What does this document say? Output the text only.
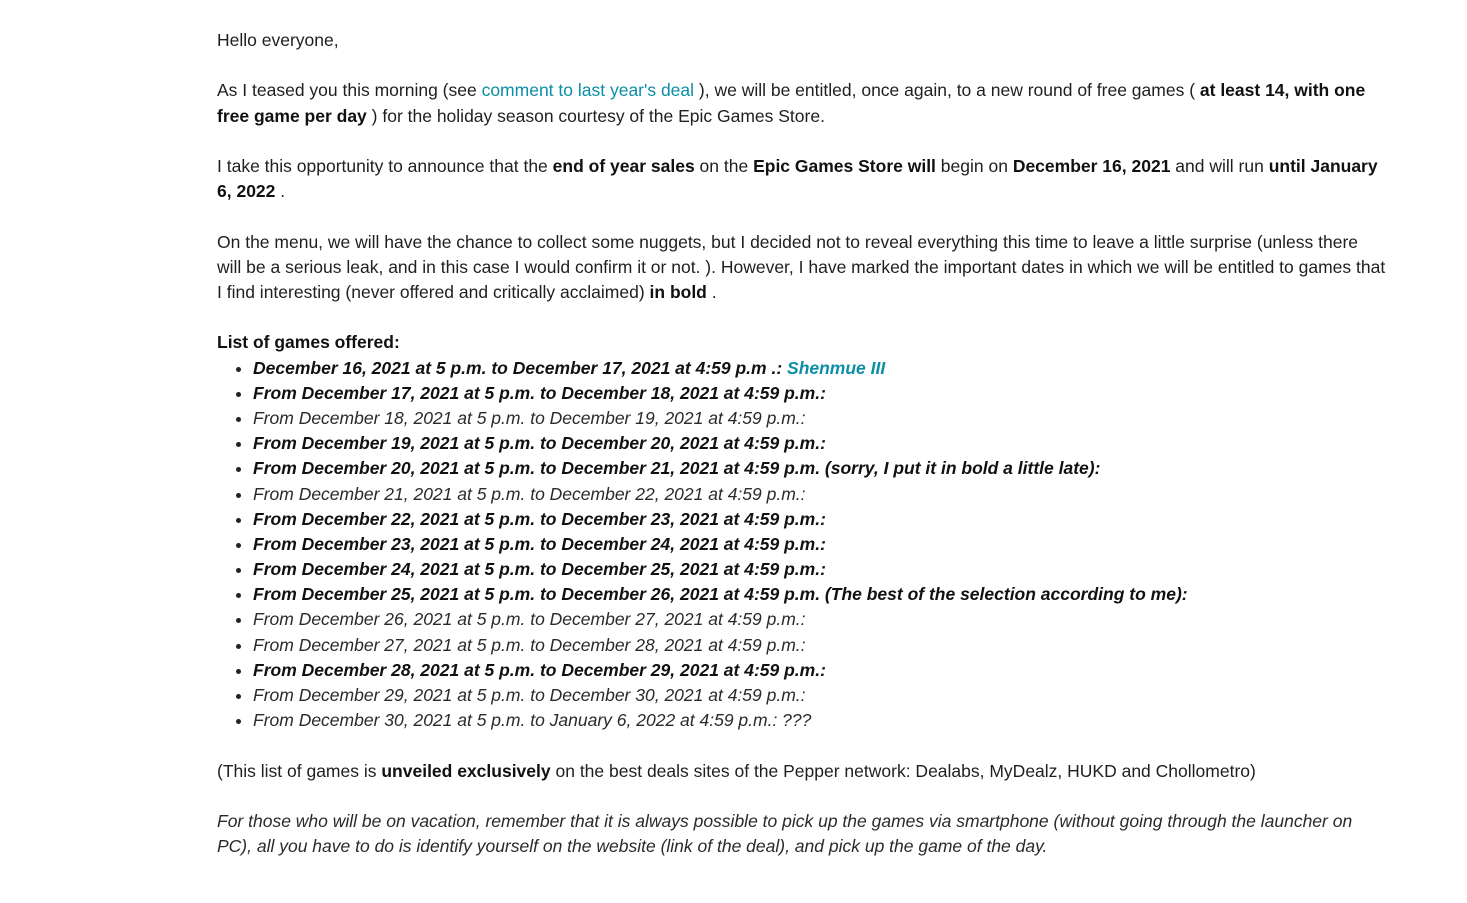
Hello everyone,

As I teased you this morning (see comment to last year's deal ), we will be entitled, once again, to a new round of free games ( at least 14, with one free game per day ) for the holiday season courtesy of the Epic Games Store.

I take this opportunity to announce that the end of year sales on the Epic Games Store will begin on December 16, 2021 and will run until January 6, 2022 .

On the menu, we will have the chance to collect some nuggets, but I decided not to reveal everything this time to leave a little surprise (unless there will be a serious leak, and in this case I would confirm it or not. ). However, I have marked the important dates in which we will be entitled to games that I find interesting (never offered and critically acclaimed) in bold .

List of games offered:
December 16, 2021 at 5 p.m. to December 17, 2021 at 4:59 p.m .: Shenmue III
From December 17, 2021 at 5 p.m. to December 18, 2021 at 4:59 p.m.:
From December 18, 2021 at 5 p.m. to December 19, 2021 at 4:59 p.m.:
From December 19, 2021 at 5 p.m. to December 20, 2021 at 4:59 p.m.:
From December 20, 2021 at 5 p.m. to December 21, 2021 at 4:59 p.m. (sorry, I put it in bold a little late):
From December 21, 2021 at 5 p.m. to December 22, 2021 at 4:59 p.m.:
From December 22, 2021 at 5 p.m. to December 23, 2021 at 4:59 p.m.:
From December 23, 2021 at 5 p.m. to December 24, 2021 at 4:59 p.m.:
From December 24, 2021 at 5 p.m. to December 25, 2021 at 4:59 p.m.:
From December 25, 2021 at 5 p.m. to December 26, 2021 at 4:59 p.m. (The best of the selection according to me):
From December 26, 2021 at 5 p.m. to December 27, 2021 at 4:59 p.m.:
From December 27, 2021 at 5 p.m. to December 28, 2021 at 4:59 p.m.:
From December 28, 2021 at 5 p.m. to December 29, 2021 at 4:59 p.m.:
From December 29, 2021 at 5 p.m. to December 30, 2021 at 4:59 p.m.:
From December 30, 2021 at 5 p.m. to January 6, 2022 at 4:59 p.m.: ???

(This list of games is unveiled exclusively on the best deals sites of the Pepper network: Dealabs, MyDealz, HUKD and Chollometro)

For those who will be on vacation, remember that it is always possible to pick up the games via smartphone (without going through the launcher on PC), all you have to do is identify yourself on the website (link of the deal), and pick up the game of the day.
